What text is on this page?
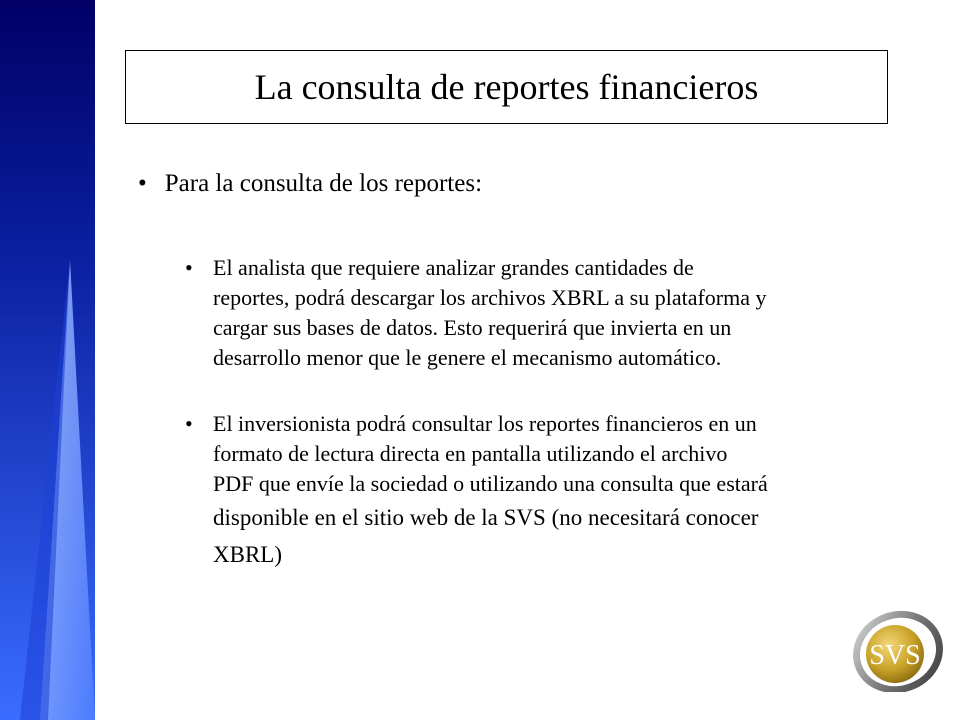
La consulta de reportes financieros
• Para la consulta de los reportes:
• El analista que requiere analizar grandes cantidades de
reportes, podrá descargar los archivos XBRL a su plataforma y
cargar sus bases de datos. Esto requerirá que invierta en un
desarrollo menor que le genere el mecanismo automático.
• El inversionista podrá consultar los reportes financieros en un
formato de lectura directa en pantalla utilizando el archivo
PDF que envíe la sociedad o utilizando una consulta que estará
disponible en el sitio web de la SVS (no necesitará conocer
XBRL)
SVS
